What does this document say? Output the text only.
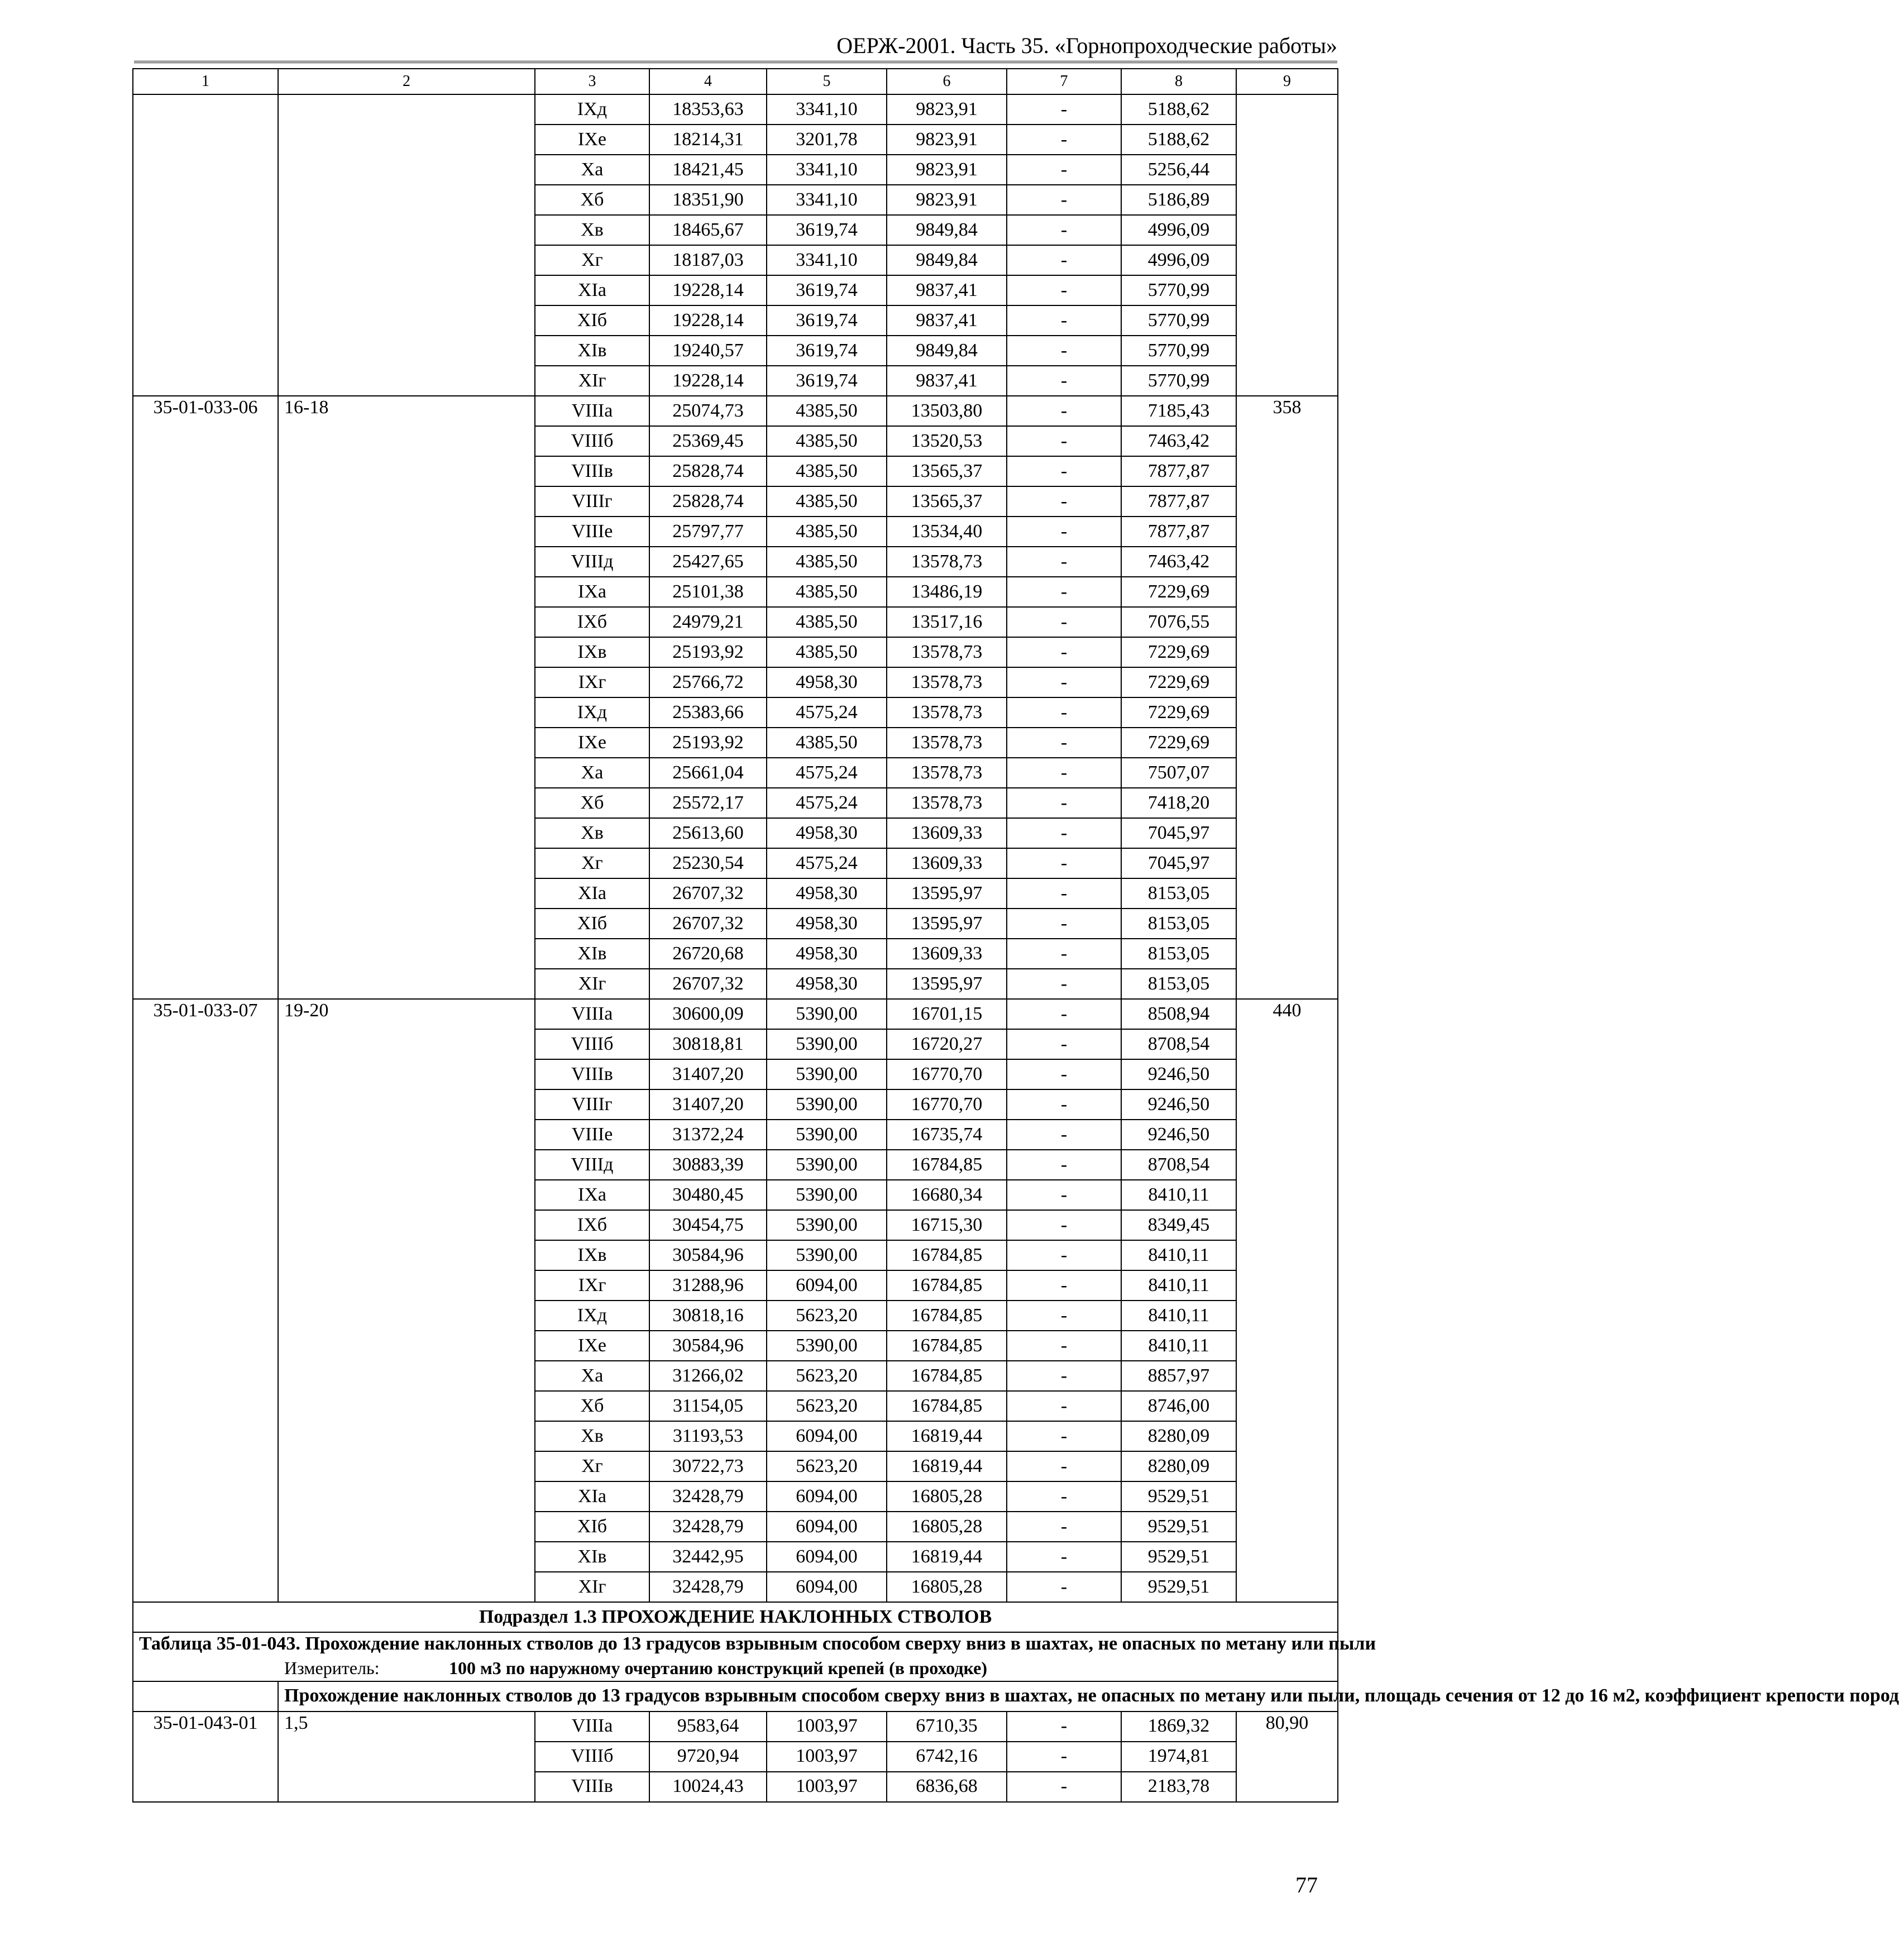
ОЕРЖ-2001. Часть 35. «Горнопроходческие работы»
1	2	3	4	5	6	7	8	9
		IXд	18353,63	3341,10	9823,91	-	5188,62	
		IXе	18214,31	3201,78	9823,91	-	5188,62	
		Xа	18421,45	3341,10	9823,91	-	5256,44	
		Xб	18351,90	3341,10	9823,91	-	5186,89	
		Xв	18465,67	3619,74	9849,84	-	4996,09	
		Xг	18187,03	3341,10	9849,84	-	4996,09	
		XIа	19228,14	3619,74	9837,41	-	5770,99	
		XIб	19228,14	3619,74	9837,41	-	5770,99	
		XIв	19240,57	3619,74	9849,84	-	5770,99	
		XIг	19228,14	3619,74	9837,41	-	5770,99	
35-01-033-06	16-18	VIIIа	25074,73	4385,50	13503,80	-	7185,43	358
		VIIIб	25369,45	4385,50	13520,53	-	7463,42	
		VIIIв	25828,74	4385,50	13565,37	-	7877,87	
		VIIIг	25828,74	4385,50	13565,37	-	7877,87	
		VIIIе	25797,77	4385,50	13534,40	-	7877,87	
		VIIIд	25427,65	4385,50	13578,73	-	7463,42	
		IXа	25101,38	4385,50	13486,19	-	7229,69	
		IXб	24979,21	4385,50	13517,16	-	7076,55	
		IXв	25193,92	4385,50	13578,73	-	7229,69	
		IXг	25766,72	4958,30	13578,73	-	7229,69	
		IXд	25383,66	4575,24	13578,73	-	7229,69	
		IXе	25193,92	4385,50	13578,73	-	7229,69	
		Xа	25661,04	4575,24	13578,73	-	7507,07	
		Xб	25572,17	4575,24	13578,73	-	7418,20	
		Xв	25613,60	4958,30	13609,33	-	7045,97	
		Xг	25230,54	4575,24	13609,33	-	7045,97	
		XIа	26707,32	4958,30	13595,97	-	8153,05	
		XIб	26707,32	4958,30	13595,97	-	8153,05	
		XIв	26720,68	4958,30	13609,33	-	8153,05	
		XIг	26707,32	4958,30	13595,97	-	8153,05	
35-01-033-07	19-20	VIIIа	30600,09	5390,00	16701,15	-	8508,94	440
		VIIIб	30818,81	5390,00	16720,27	-	8708,54	
		VIIIв	31407,20	5390,00	16770,70	-	9246,50	
		VIIIг	31407,20	5390,00	16770,70	-	9246,50	
		VIIIе	31372,24	5390,00	16735,74	-	9246,50	
		VIIIд	30883,39	5390,00	16784,85	-	8708,54	
		IXа	30480,45	5390,00	16680,34	-	8410,11	
		IXб	30454,75	5390,00	16715,30	-	8349,45	
		IXв	30584,96	5390,00	16784,85	-	8410,11	
		IXг	31288,96	6094,00	16784,85	-	8410,11	
		IXд	30818,16	5623,20	16784,85	-	8410,11	
		IXе	30584,96	5390,00	16784,85	-	8410,11	
		Xа	31266,02	5623,20	16784,85	-	8857,97	
		Xб	31154,05	5623,20	16784,85	-	8746,00	
		Xв	31193,53	6094,00	16819,44	-	8280,09	
		Xг	30722,73	5623,20	16819,44	-	8280,09	
		XIа	32428,79	6094,00	16805,28	-	9529,51	
		XIб	32428,79	6094,00	16805,28	-	9529,51	
		XIв	32442,95	6094,00	16819,44	-	9529,51	
		XIг	32428,79	6094,00	16805,28	-	9529,51	
Подраздел 1.3 ПРОХОЖДЕНИЕ НАКЛОННЫХ СТВОЛОВ								

Таблица 35-01-043. Прохождение наклонных стволов до 13 градусов взрывным способом сверху вниз в шахтах, не опасных по метану или пыли
Измеритель: 100 м3 по наружному очертанию конструкций крепей (в проходке)								

	Прохождение наклонных стволов до 13 градусов взрывным способом сверху вниз в шахтах, не опасных по метану или пыли, площадь сечения от 12 до 16 м2, коэффициент крепости пород							
35-01-043-01	1,5	VIIIа	9583,64	1003,97	6710,35	-	1869,32	80,90
		VIIIб	9720,94	1003,97	6742,16	-	1974,81	
		VIIIв	10024,43	1003,97	6836,68	-	2183,78	
77
